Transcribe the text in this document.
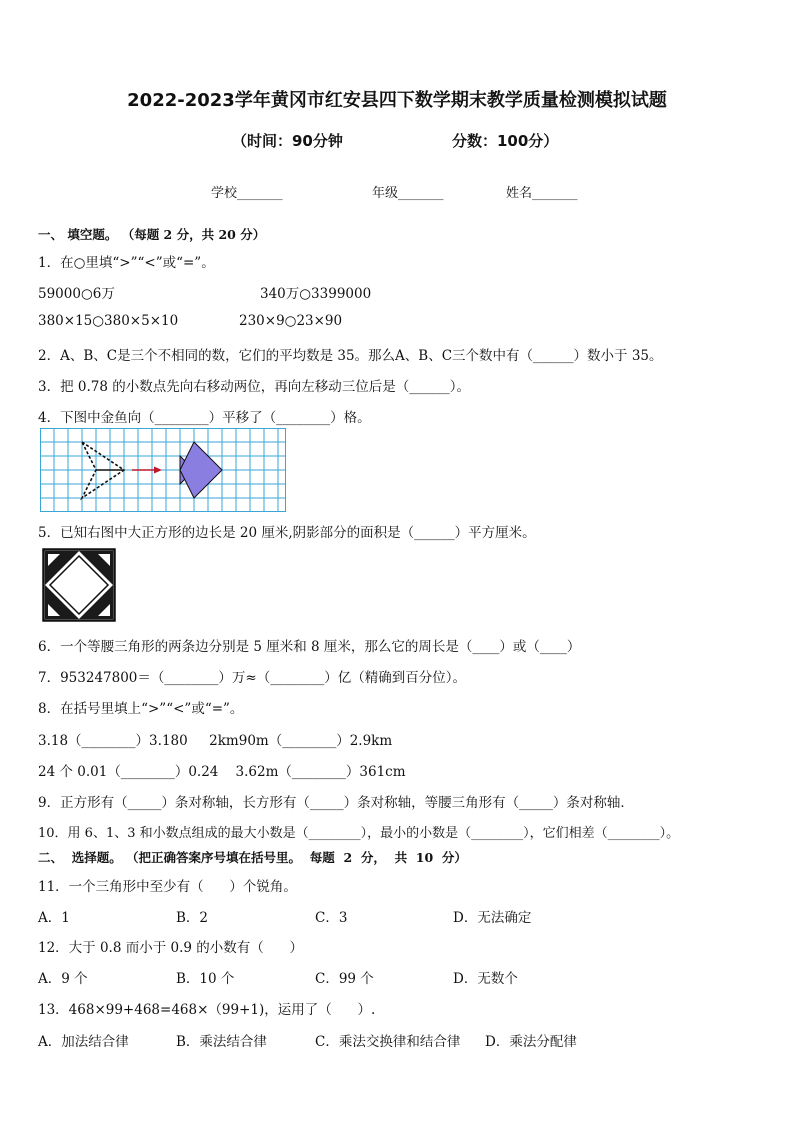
2022-2023学年黄冈市红安县四下数学期末教学质量检测模拟试题
（时间：90分钟	分数：100分）
学校_______	年级_______	姓名_______
一、 填空题。 （每题 2 分，共 20 分）
1．在○里填“>”“<”或“=”。
59000○6万	340万○3399000
380×15○380×5×10	230×9○23×90
2．A、B、C是三个不相同的数，它们的平均数是 35。那么A、B、C三个数中有（______）数小于 35。
3．把 0.78 的小数点先向右移动两位，再向左移动三位后是（______）。
4．下图中金鱼向（________）平移了（________）格。
5．已知右图中大正方形的边长是 20 厘米,阴影部分的面积是（______）平方厘米。
6．一个等腰三角形的两条边分别是 5 厘米和 8 厘米，那么它的周长是（____）或（____）
7．953247800＝（________）万≈（________）亿（精确到百分位）。
8．在括号里填上“>”“<”或“=”。
3.18（________）3.180     2km90m（________）2.9km
24 个 0.01（________）0.24    3.62m（________）361cm
9．正方形有（_____）条对称轴，长方形有（_____）条对称轴，等腰三角形有（_____）条对称轴．
10．用 6、1、3 和小数点组成的最大小数是（________），最小的小数是（________），它们相差（________）。
二、  选择题。 （把正确答案序号填在括号里。  每题  2  分，  共  10  分）
11．一个三角形中至少有（      ）个锐角。
A．1	B．2	C．3	D．无法确定
12．大于 0.8 而小于 0.9 的小数有（      ）
A．9 个	B．10 个	C．99 个	D．无数个
13．468×99+468=468×（99+1)，运用了（      ）.
A．加法结合律	B．乘法结合律	C．乘法交换律和结合律 D．乘法分配律
